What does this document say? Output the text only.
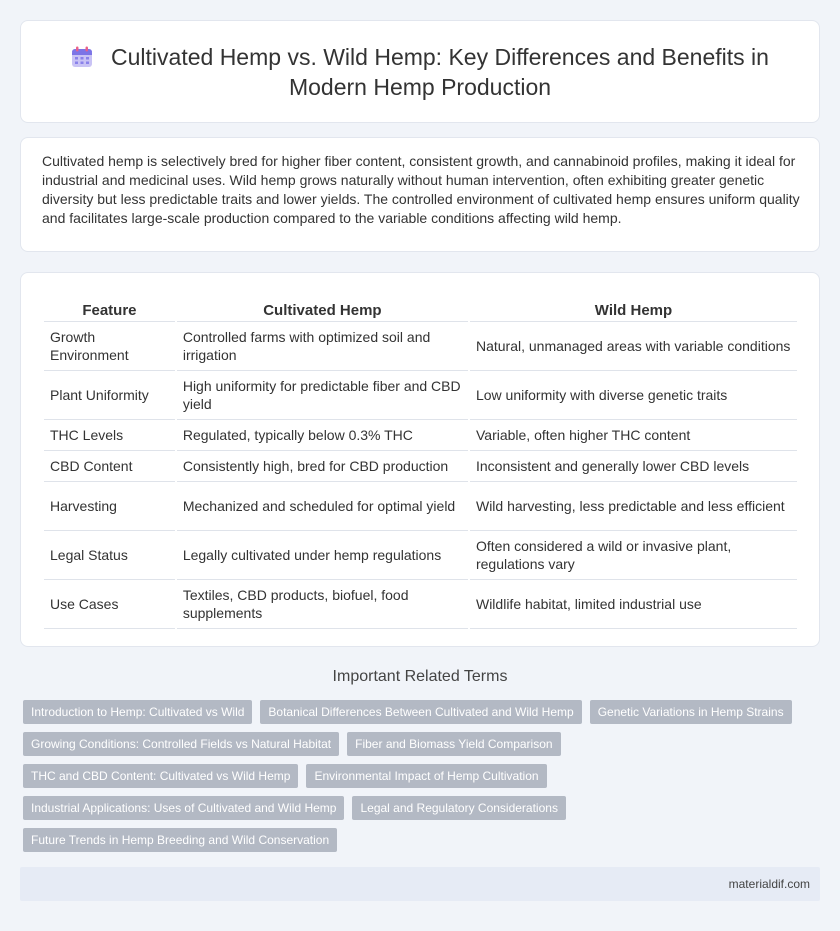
Cultivated Hemp vs. Wild Hemp: Key Differences and Benefits in Modern Hemp Production

Cultivated hemp is selectively bred for higher fiber content, consistent growth, and cannabinoid profiles, making it ideal for industrial and medicinal uses. Wild hemp grows naturally without human intervention, often exhibiting greater genetic diversity but less predictable traits and lower yields. The controlled environment of cultivated hemp ensures uniform quality and facilitates large-scale production compared to the variable conditions affecting wild hemp.

Feature	Cultivated Hemp	Wild Hemp
Growth Environment	Controlled farms with optimized soil and irrigation	Natural, unmanaged areas with variable conditions
Plant Uniformity	High uniformity for predictable fiber and CBD yield	Low uniformity with diverse genetic traits
THC Levels	Regulated, typically below 0.3% THC	Variable, often higher THC content
CBD Content	Consistently high, bred for CBD production	Inconsistent and generally lower CBD levels
Harvesting	Mechanized and scheduled for optimal yield	Wild harvesting, less predictable and less efficient
Legal Status	Legally cultivated under hemp regulations	Often considered a wild or invasive plant, regulations vary
Use Cases	Textiles, CBD products, biofuel, food supplements	Wildlife habitat, limited industrial use
Important Related Terms
Introduction to Hemp: Cultivated vs Wild	Botanical Differences Between Cultivated and Wild Hemp	Genetic Variations in Hemp Strains
Growing Conditions: Controlled Fields vs Natural Habitat	Fiber and Biomass Yield Comparison
THC and CBD Content: Cultivated vs Wild Hemp	Environmental Impact of Hemp Cultivation
Industrial Applications: Uses of Cultivated and Wild Hemp	Legal and Regulatory Considerations
Future Trends in Hemp Breeding and Wild Conservation
materialdif.com
